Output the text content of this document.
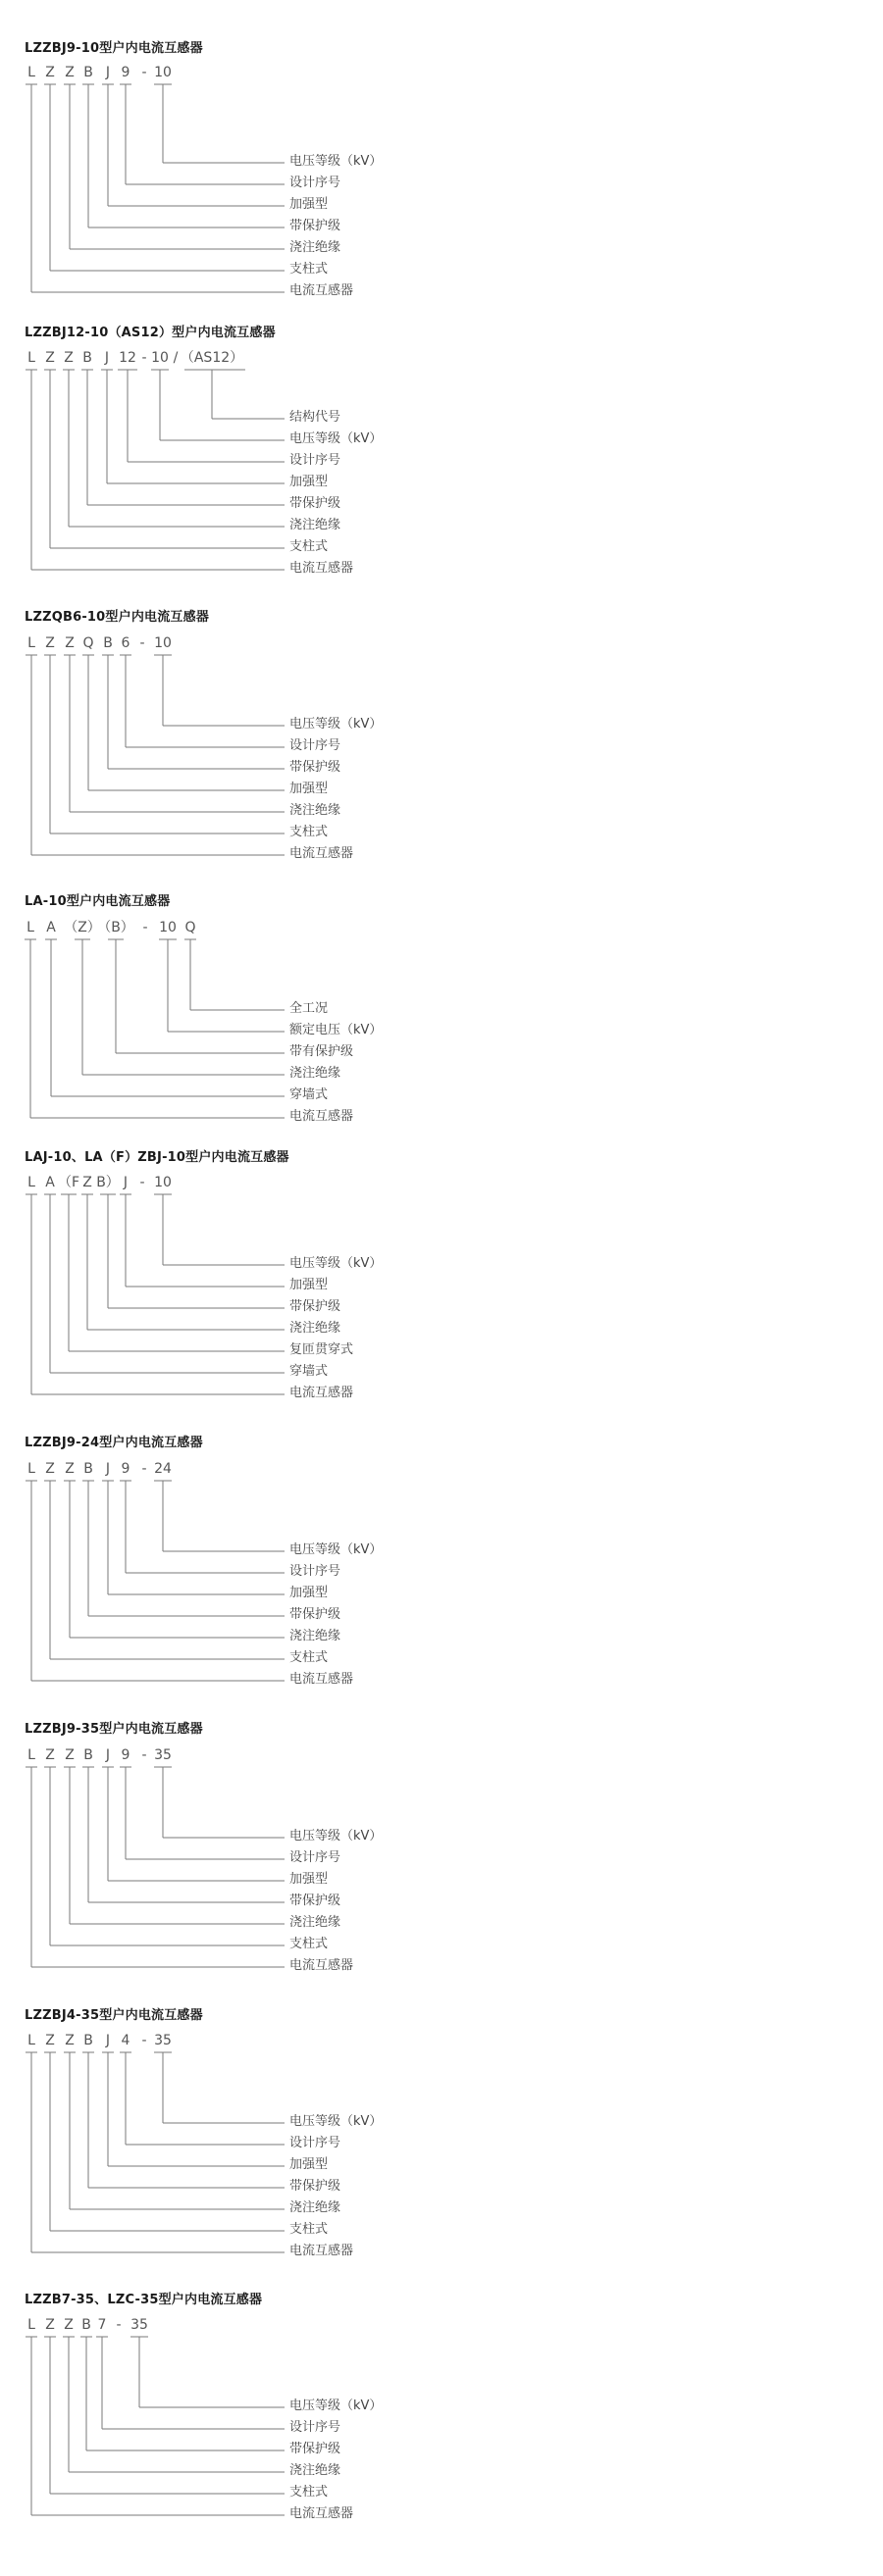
LZZBJ9-10型户内电流互感器
L Z Z B J 9 - 10
电压等级（kV）
设计序号
加强型
带保护级
浇注绝缘
支柱式
电流互感器
LZZBJ12-10（AS12）型户内电流互感器
L Z Z B J 12 - 10 / （AS12）
结构代号
电压等级（kV）
设计序号
加强型
带保护级
浇注绝缘
支柱式
电流互感器
LZZQB6-10型户内电流互感器
L Z Z Q B 6 - 10
电压等级（kV）
设计序号
带保护级
加强型
浇注绝缘
支柱式
电流互感器
LA-10型户内电流互感器
L A （Z）
（B） - 10 Q
全工况
额定电压（kV）
带有保护级
浇注绝缘
穿墙式
电流互感器
LAJ-10、LA（F）ZBJ-10型户内电流互感器
L A （F Z B） J - 10
电压等级（kV）
加强型
带保护级
浇注绝缘
复匝贯穿式
穿墙式
电流互感器
LZZBJ9-24型户内电流互感器
L Z Z B J 9 - 24
电压等级（kV）
设计序号
加强型
带保护级
浇注绝缘
支柱式
电流互感器
LZZBJ9-35型户内电流互感器
L Z Z B J 9 - 35
电压等级（kV）
设计序号
加强型
带保护级
浇注绝缘
支柱式
电流互感器
LZZBJ4-35型户内电流互感器
L Z Z B J 4 - 35
电压等级（kV）
设计序号
加强型
带保护级
浇注绝缘
支柱式
电流互感器
LZZB7-35、LZC-35型户内电流互感器
L Z Z B 7 - 35
电压等级（kV）
设计序号
带保护级
浇注绝缘
支柱式
电流互感器
